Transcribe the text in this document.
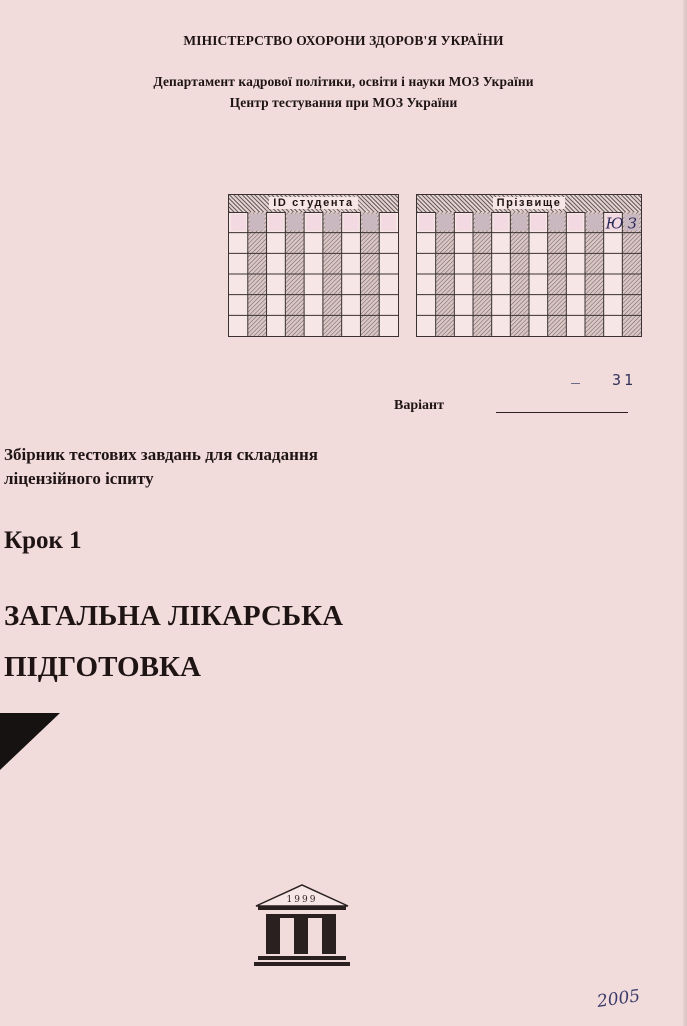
МІНІСТЕРСТВО ОХОРОНИ ЗДОРОВ'Я УКРАЇНИ
Департамент кадрової політики, освіти і науки МОЗ України
Центр тестування при МОЗ України
ID студента	Прізвище
ЮЗ
31
Варіант
Збірник тестових завдань для складання
ліцензійного іспиту
Крок 1
ЗАГАЛЬНА ЛІКАРСЬКА
ПІДГОТОВКА
1999
2005
